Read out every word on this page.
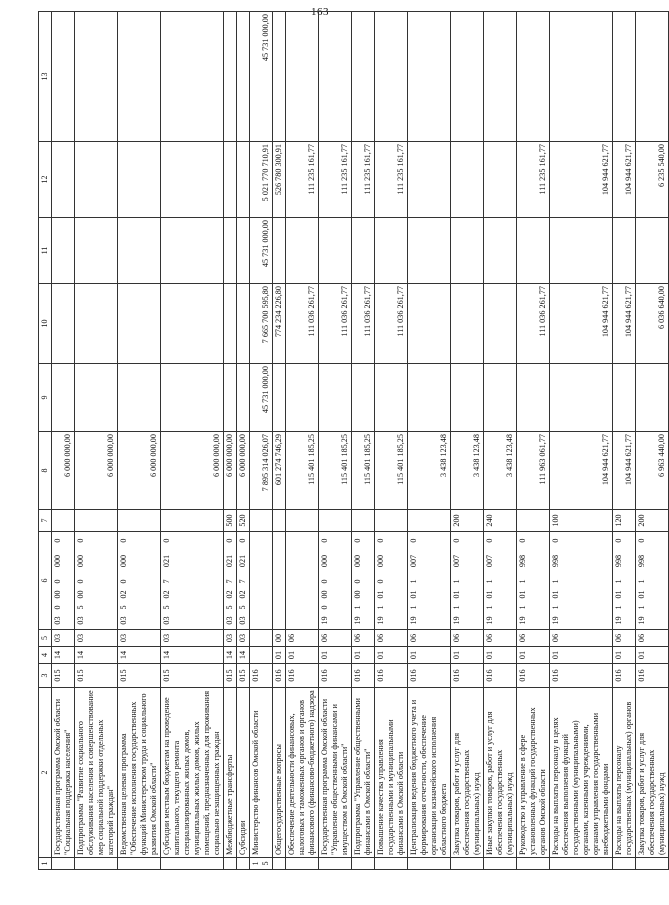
163
1	2	3	4	5	6	7	8	9	10	11	12	13
	Государственная программа Омской области "Социальная поддержка населения"	015	14	03	0300000000		6 000 000,00					
	Подпрограмма "Развитие социального обслуживания населения и совершенствование мер социальной поддержки отдельных категорий граждан"	015	14	03	0350000000		6 000 000,00					
	Ведомственная целевая программа "Обеспечение исполнения государственных функций Министерством труда и социального развития Омской области"	015	14	03	0350200000		6 000 000,00					
	Субсидии местным бюджетам на проведение капитального, текущего ремонта специализированных жилых домов, муниципальных жилых домов, жилых помещений, предназначенных для проживания социально незащищенных граждан	015	14	03	0350270210		6 000 000,00					
	Межбюджетные трансферты	015	14	03	0350270210	500	6 000 000,00					
	Субсидии	015	14	03	0350270210	520	6 000 000,00					
15	Министерство финансов Омской области	016					7 895 314 026,07	45 731 000,00	7 665 700 595,80	45 731 000,00	5 021 770 710,91	45 731 000,00
	Общегосударственные вопросы	016	01	00			601 274 746,29		774 234 226,80		526 780 300,91	
	Обеспечение деятельности финансовых, налоговых и таможенных органов и органов финансового (финансово-бюджетного) надзора	016	01	06			115 401 185,25		111 036 261,77		111 235 161,77	
	Государственная программа Омской области "Управление общественными финансами и имуществом в Омской области"	016	01	06	1900000000		115 401 185,25		111 036 261,77		111 235 161,77	
	Подпрограмма "Управление общественными финансами в Омской области"	016	01	06	1910000000		115 401 185,25		111 036 261,77		111 235 161,77	
	Повышение качества управления государственными и муниципальными финансами в Омской области	016	01	06	1910100000		115 401 185,25		111 036 261,77		111 235 161,77	
	Централизация ведения бюджетного учета и формирования отчетности, обеспечение организации казначейского исполнения областного бюджета	016	01	06	1910110070		3 438 123,48					
	Закупка товаров, работ и услуг для обеспечения государственных (муниципальных) нужд	016	01	06	1910110070	200	3 438 123,48					
	Иные закупки товаров, работ и услуг для обеспечения государственных (муниципальных) нужд	016	01	06	1910110070	240	3 438 123,48					
	Руководство и управление в сфере установленных функций государственных органов Омской области	016	01	06	1910119980		111 963 061,77		111 036 261,77		111 235 161,77	
	Расходы на выплаты персоналу в целях обеспечения выполнения функций государственными (муниципальными) органами, казенными учреждениями, органами управления государственными внебюджетными фондами	016	01	06	1910119980	100	104 944 621,77		104 944 621,77		104 944 621,77	
	Расходы на выплаты персоналу государственных (муниципальных) органов	016	01	06	1910119980	120	104 944 621,77		104 944 621,77		104 944 621,77	
	Закупка товаров, работ и услуг для обеспечения государственных (муниципальных) нужд	016	01	06	1910119980	200	6 963 440,00		6 036 640,00		6 235 540,00	
